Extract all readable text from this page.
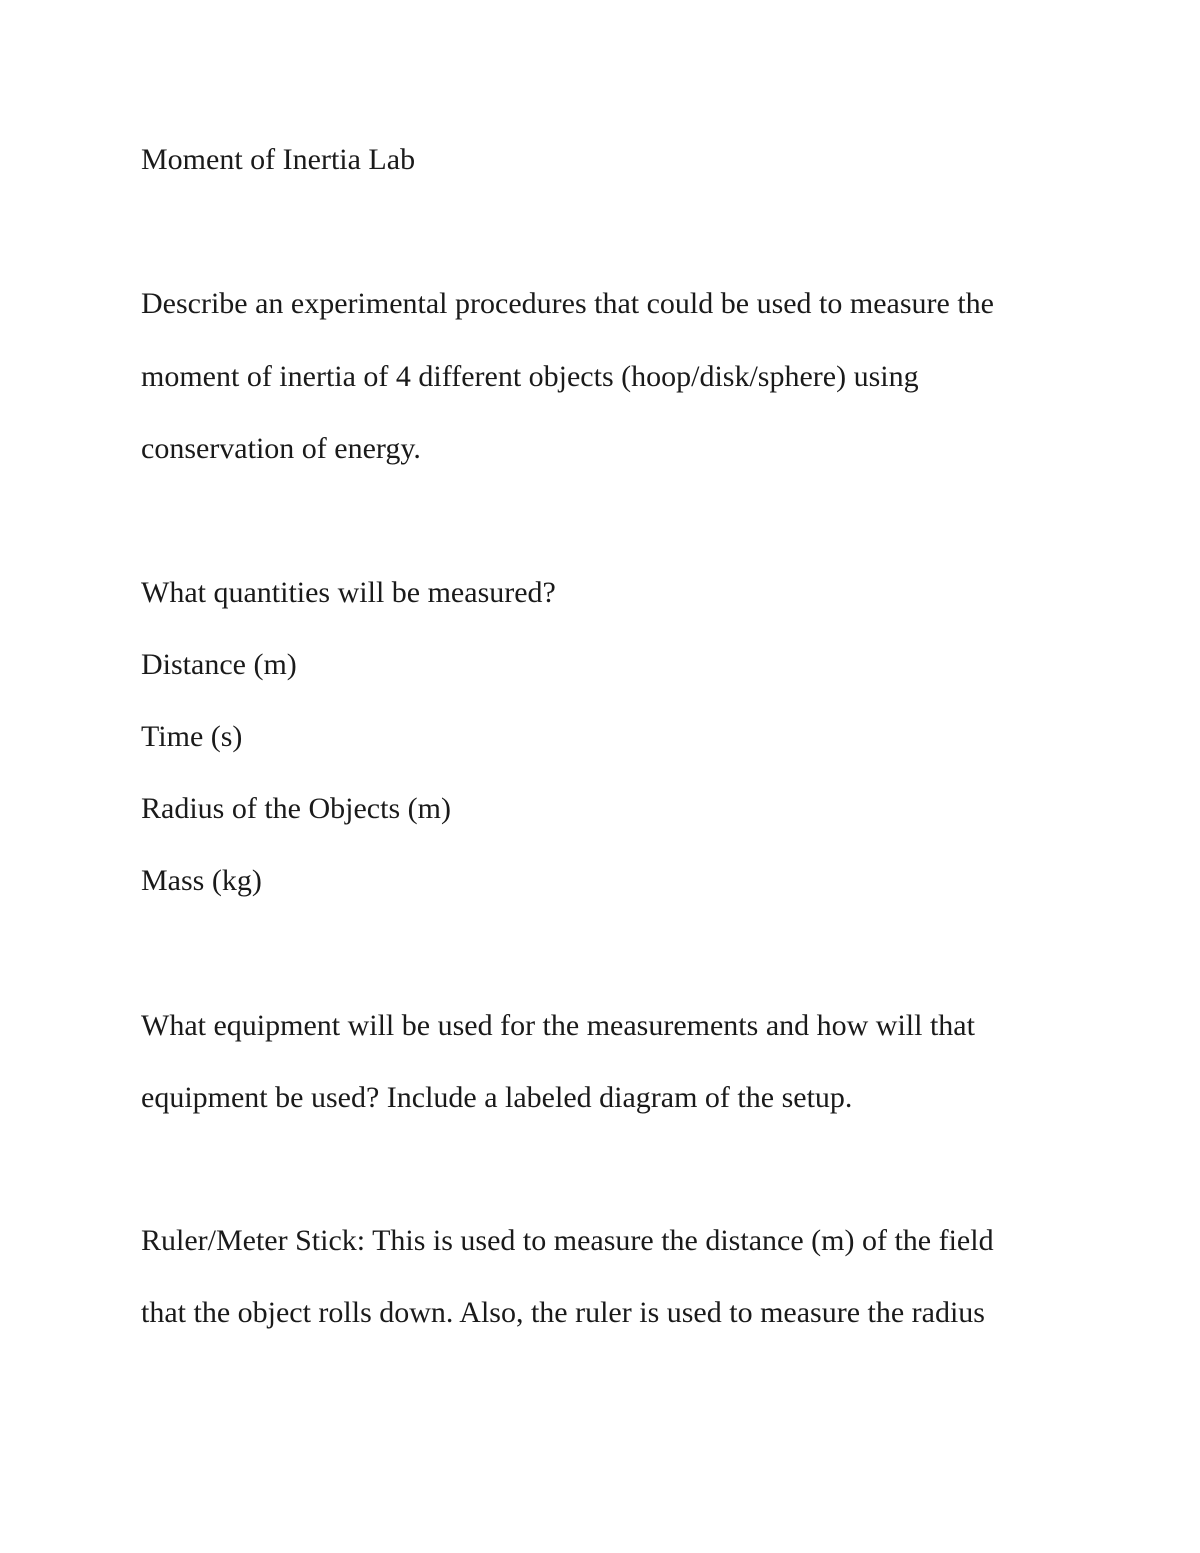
Moment of Inertia Lab

Describe an experimental procedures that could be used to measure the

moment of inertia of 4 different objects (hoop/disk/sphere) using

conservation of energy.

What quantities will be measured?

Distance (m)

Time (s)

Radius of the Objects (m)

Mass (kg)

What equipment will be used for the measurements and how will that

equipment be used? Include a labeled diagram of the setup.

Ruler/Meter Stick: This is used to measure the distance (m) of the field

that the object rolls down. Also, the ruler is used to measure the radius
